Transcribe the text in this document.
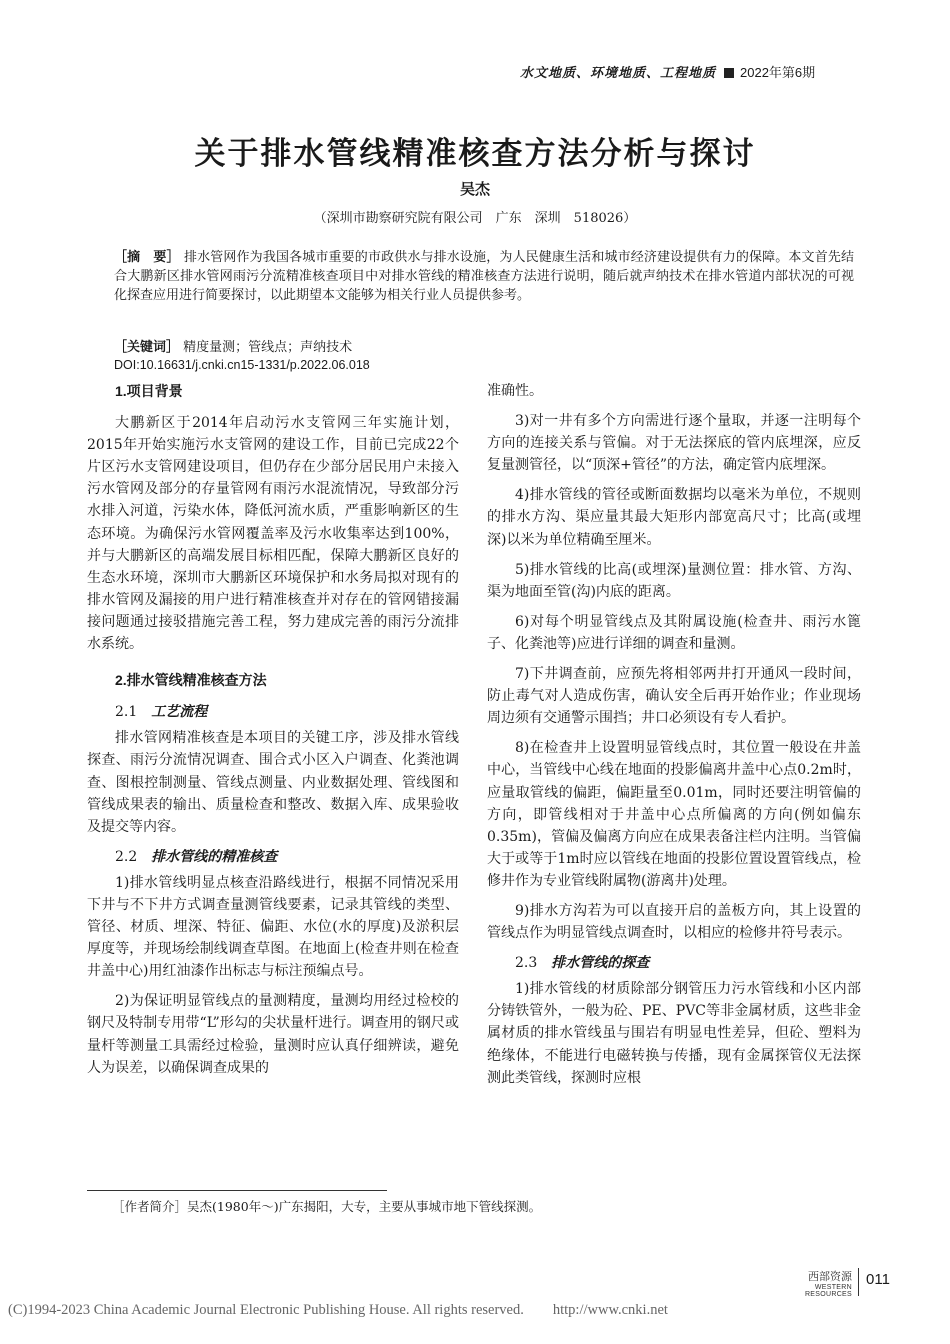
水文地质、环境地质、工程地质 2022年第6期
关于排水管线精准核查方法分析与探讨
吴杰
（深圳市勘察研究院有限公司　广东　深圳　518026）
［摘　要］ 排水管网作为我国各城市重要的市政供水与排水设施，为人民健康生活和城市经济建设提供有力的保障。本文首先结合大鹏新区排水管网雨污分流精准核查项目中对排水管线的精准核查方法进行说明，随后就声纳技术在排水管道内部状况的可视化探查应用进行简要探讨，以此期望本文能够为相关行业人员提供参考。
［关键词］ 精度量测；管线点；声纳技术
DOI:10.16631/j.cnki.cn15-1331/p.2022.06.018
1.项目背景

大鹏新区于2014年启动污水支管网三年实施计划，2015年开始实施污水支管网的建设工作，目前已完成22个片区污水支管网建设项目，但仍存在少部分居民用户未接入污水管网及部分的存量管网有雨污水混流情况，导致部分污水排入河道，污染水体，降低河流水质，严重影响新区的生态环境。为确保污水管网覆盖率及污水收集率达到100%，并与大鹏新区的高端发展目标相匹配，保障大鹏新区良好的生态水环境，深圳市大鹏新区环境保护和水务局拟对现有的排水管网及漏接的用户进行精准核查并对存在的管网错接漏接问题通过接驳措施完善工程，努力建成完善的雨污分流排水系统。

2.排水管线精准核查方法
2.1　 工艺流程

排水管网精准核查是本项目的关键工序，涉及排水管线探查、雨污分流情况调查、围合式小区入户调查、化粪池调查、图根控制测量、管线点测量、内业数据处理、管线图和管线成果表的输出、质量检查和整改、数据入库、成果验收及提交等内容。

2.2　 排水管线的精准核查

1)排水管线明显点核查沿路线进行，根据不同情况采用下井与不下井方式调查量测管线要素，记录其管线的类型、管径、材质、埋深、特征、偏距、水位(水的厚度)及淤积层厚度等，并现场绘制线调查草图。在地面上(检查井则在检查井盖中心)用红油漆作出标志与标注预编点号。

2)为保证明显管线点的量测精度，量测均用经过检校的钢尺及特制专用带“L”形勾的尖状量杆进行。调查用的钢尺或量杆等测量工具需经过检验，量测时应认真仔细辨读，避免人为误差，以确保调查成果的

准确性。

3)对一井有多个方向需进行逐个量取，并逐一注明每个方向的连接关系与管偏。对于无法探底的管内底埋深，应反复量测管径，以“顶深+管径”的方法，确定管内底埋深。

4)排水管线的管径或断面数据均以毫米为单位，不规则的排水方沟、渠应量其最大矩形内部宽高尺寸；比高(或埋深)以米为单位精确至厘米。

5)排水管线的比高(或埋深)量测位置：排水管、方沟、渠为地面至管(沟)内底的距离。

6)对每个明显管线点及其附属设施(检查井、雨污水篦子、化粪池等)应进行详细的调查和量测。

7)下井调查前，应预先将相邻两井打开通风一段时间，防止毒气对人造成伤害，确认安全后再开始作业；作业现场周边须有交通警示围挡；井口必须设有专人看护。

8)在检查井上设置明显管线点时，其位置一般设在井盖中心，当管线中心线在地面的投影偏离井盖中心点0.2m时，应量取管线的偏距，偏距量至0.01m，同时还要注明管偏的方向，即管线相对于井盖中心点所偏离的方向(例如偏东0.35m)，管偏及偏离方向应在成果表备注栏内注明。当管偏大于或等于1m时应以管线在地面的投影位置设置管线点，检修井作为专业管线附属物(游离井)处理。

9)排水方沟若为可以直接开启的盖板方向，其上设置的管线点作为明显管线点调查时，以相应的检修井符号表示。

2.3　 排水管线的探查

1)排水管线的材质除部分钢管压力污水管线和小区内部分铸铁管外，一般为砼、PE、PVC等非金属材质，这些非金属材质的排水管线虽与围岩有明显电性差异，但砼、塑料为绝缘体，不能进行电磁转换与传播，现有金属探管仪无法探测此类管线，探测时应根

［作者简介］吴杰(1980年～)广东揭阳，大专，主要从事城市地下管线探测。
西部资源
WESTERN RESOURCES
011
(C)1994-2023 China Academic Journal Electronic Publishing House. All rights reserved.　　http://www.cnki.net
